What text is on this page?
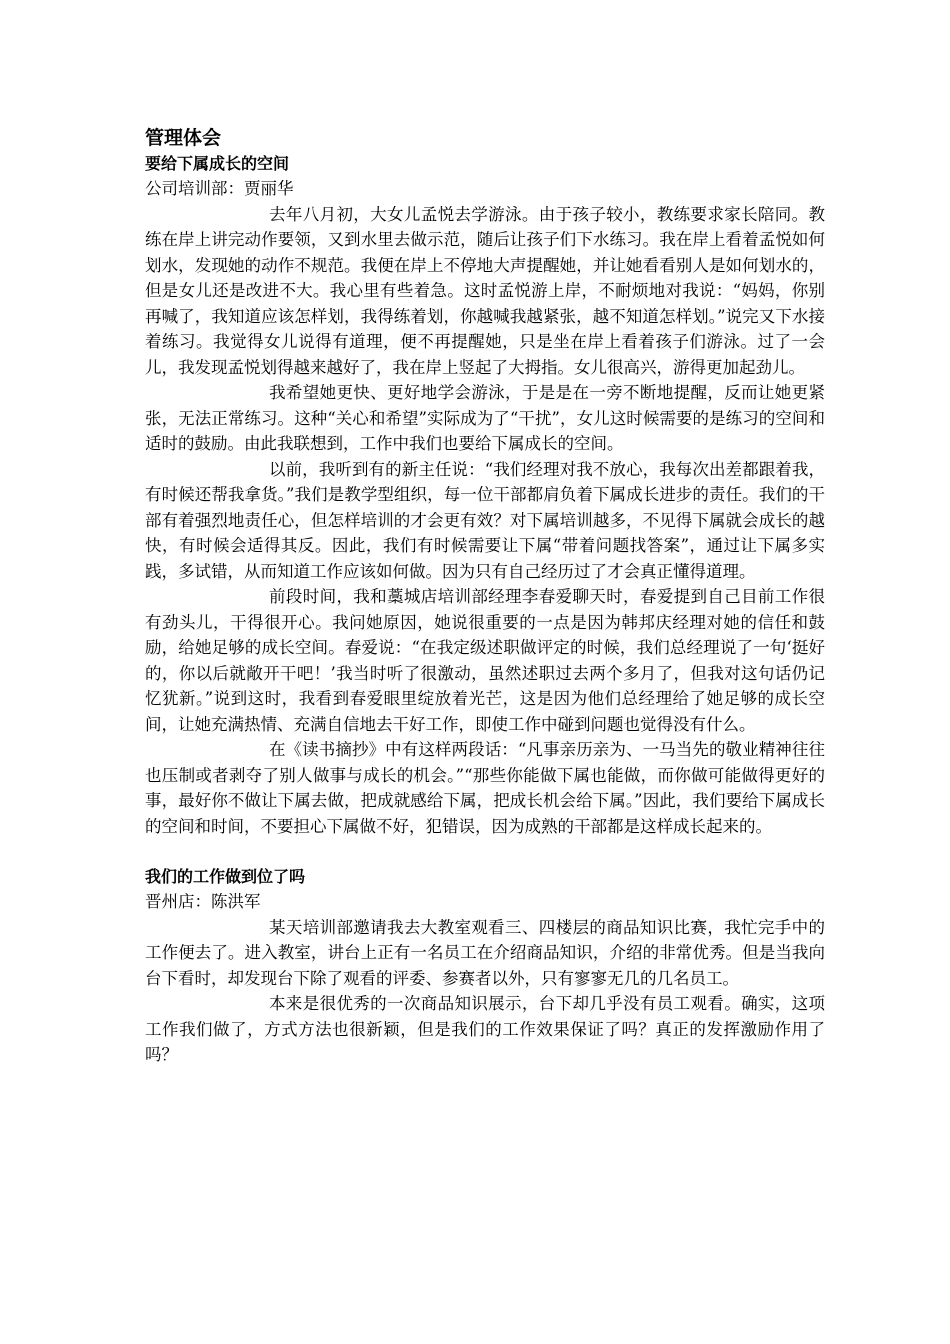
管理体会
要给下属成长的空间

公司培训部：贾丽华

去年八月初，大女儿孟悦去学游泳。由于孩子较小，教练要求家长陪同。教练在岸上讲完动作要领，又到水里去做示范，随后让孩子们下水练习。我在岸上看着孟悦如何划水，发现她的动作不规范。我便在岸上不停地大声提醒她，并让她看看别人是如何划水的，但是女儿还是改进不大。我心里有些着急。这时孟悦游上岸，不耐烦地对我说：“妈妈，你别再喊了，我知道应该怎样划，我得练着划，你越喊我越紧张，越不知道怎样划。”说完又下水接着练习。我觉得女儿说得有道理，便不再提醒她，只是坐在岸上看着孩子们游泳。过了一会儿，我发现孟悦划得越来越好了，我在岸上竖起了大拇指。女儿很高兴，游得更加起劲儿。

我希望她更快、更好地学会游泳，于是是在一旁不断地提醒，反而让她更紧张，无法正常练习。这种“关心和希望”实际成为了“干扰”，女儿这时候需要的是练习的空间和适时的鼓励。由此我联想到，工作中我们也要给下属成长的空间。

以前，我听到有的新主任说：“我们经理对我不放心，我每次出差都跟着我，有时候还帮我拿货。”我们是教学型组织，每一位干部都肩负着下属成长进步的责任。我们的干部有着强烈地责任心，但怎样培训的才会更有效？对下属培训越多，不见得下属就会成长的越快，有时候会适得其反。因此，我们有时候需要让下属“带着问题找答案”，通过让下属多实践，多试错，从而知道工作应该如何做。因为只有自己经历过了才会真正懂得道理。

前段时间，我和藁城店培训部经理李春爱聊天时，春爱提到自己目前工作很有劲头儿，干得很开心。我问她原因，她说很重要的一点是因为韩邦庆经理对她的信任和鼓励，给她足够的成长空间。春爱说：“在我定级述职做评定的时候，我们总经理说了一句‘挺好的，你以后就敞开干吧！’我当时听了很激动，虽然述职过去两个多月了，但我对这句话仍记忆犹新。”说到这时，我看到春爱眼里绽放着光芒，这是因为他们总经理给了她足够的成长空间，让她充满热情、充满自信地去干好工作，即使工作中碰到问题也觉得没有什么。

在《读书摘抄》中有这样两段话：“凡事亲历亲为、一马当先的敬业精神往往也压制或者剥夺了别人做事与成长的机会。”“那些你能做下属也能做，而你做可能做得更好的事，最好你不做让下属去做，把成就感给下属，把成长机会给下属。”因此，我们要给下属成长的空间和时间，不要担心下属做不好，犯错误，因为成熟的干部都是这样成长起来的。

我们的工作做到位了吗

晋州店：陈洪军

某天培训部邀请我去大教室观看三、四楼层的商品知识比赛，我忙完手中的工作便去了。进入教室，讲台上正有一名员工在介绍商品知识，介绍的非常优秀。但是当我向台下看时，却发现台下除了观看的评委、参赛者以外，只有寥寥无几的几名员工。

本来是很优秀的一次商品知识展示，台下却几乎没有员工观看。确实，这项工作我们做了，方式方法也很新颖，但是我们的工作效果保证了吗？真正的发挥激励作用了吗？
